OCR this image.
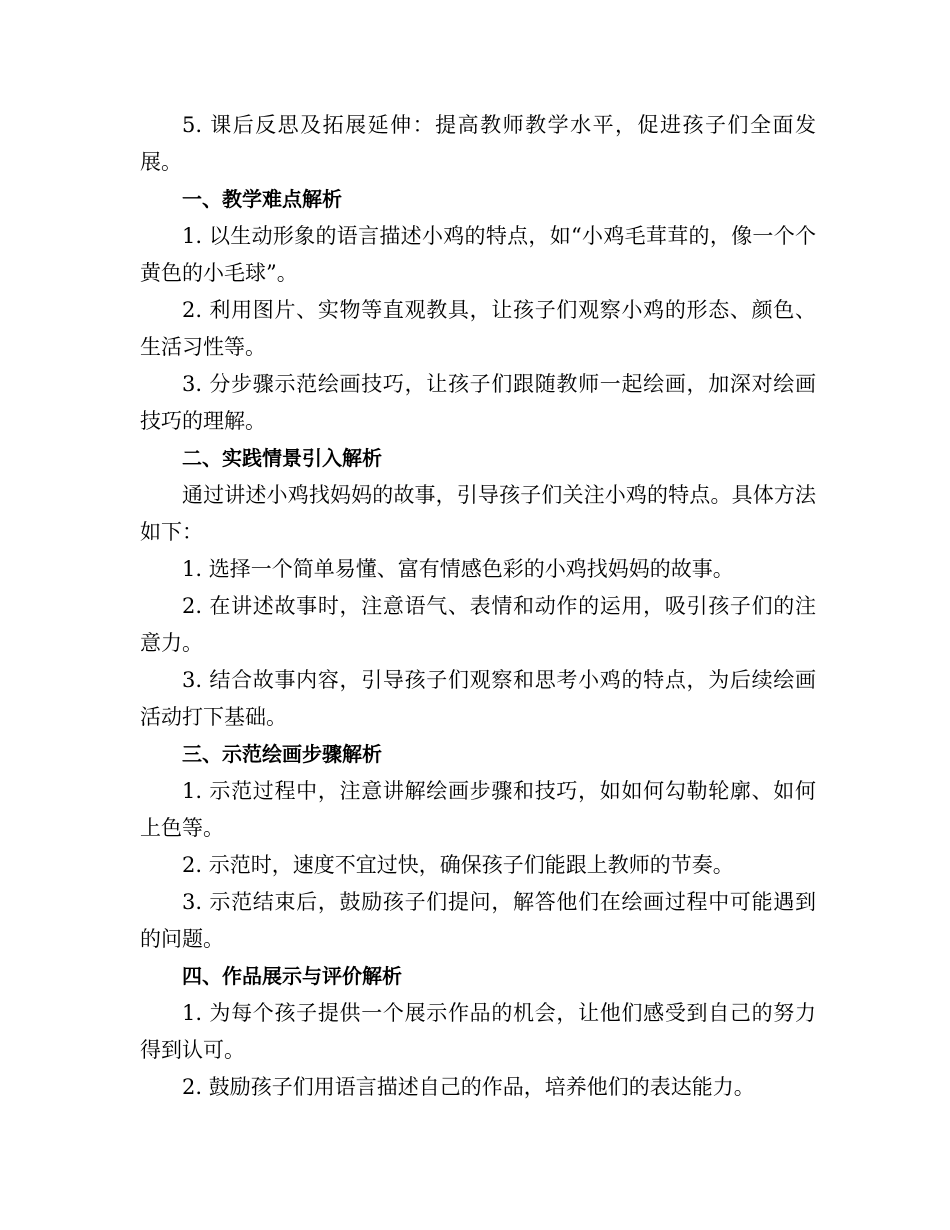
5. 课后反思及拓展延伸：提高教师教学水平，促进孩子们全面发展。

一、教学难点解析

1. 以生动形象的语言描述小鸡的特点，如“小鸡毛茸茸的，像一个个黄色的小毛球”。

2. 利用图片、实物等直观教具，让孩子们观察小鸡的形态、颜色、生活习性等。

3. 分步骤示范绘画技巧，让孩子们跟随教师一起绘画，加深对绘画技巧的理解。

二、实践情景引入解析

通过讲述小鸡找妈妈的故事，引导孩子们关注小鸡的特点。具体方法如下：

1. 选择一个简单易懂、富有情感色彩的小鸡找妈妈的故事。

2. 在讲述故事时，注意语气、表情和动作的运用，吸引孩子们的注意力。

3. 结合故事内容，引导孩子们观察和思考小鸡的特点，为后续绘画活动打下基础。

三、示范绘画步骤解析

1. 示范过程中，注意讲解绘画步骤和技巧，如如何勾勒轮廓、如何上色等。

2. 示范时，速度不宜过快，确保孩子们能跟上教师的节奏。

3. 示范结束后，鼓励孩子们提问，解答他们在绘画过程中可能遇到的问题。

四、作品展示与评价解析

1. 为每个孩子提供一个展示作品的机会，让他们感受到自己的努力得到认可。

2. 鼓励孩子们用语言描述自己的作品，培养他们的表达能力。
